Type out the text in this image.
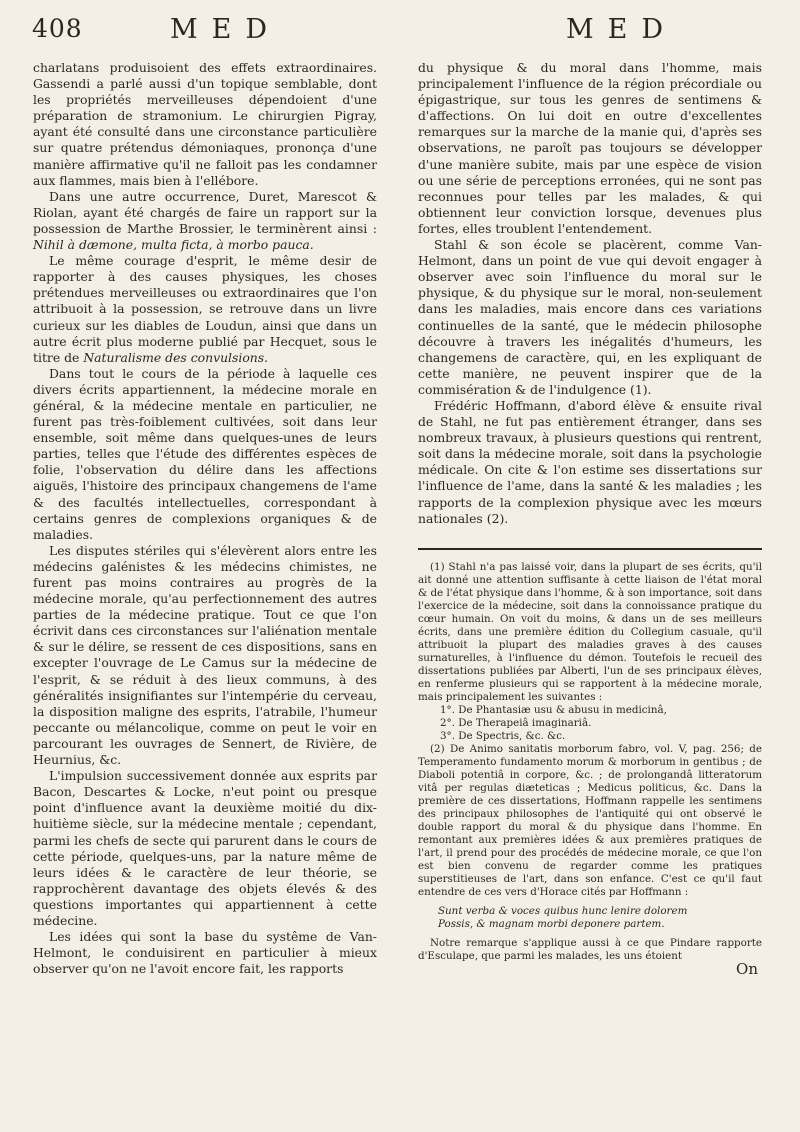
408	MED	MED

charlatans produisoient des effets extraordinaires. Gassendi a parlé aussi d'un topique semblable, dont les propriétés merveilleuses dépendoient d'une préparation de stramonium. Le chirurgien Pigray, ayant été consulté dans une circonstance particulière sur quatre prétendus démoniaques, prononça d'une manière affirmative qu'il ne falloit pas les condamner aux flammes, mais bien à l'ellébore.

Dans une autre occurrence, Duret, Marescot & Riolan, ayant été chargés de faire un rapport sur la possession de Marthe Brossier, le terminèrent ainsi : Nihil à dæmone, multa ficta, à morbo pauca.

Le même courage d'esprit, le même desir de rapporter à des causes physiques, les choses prétendues merveilleuses ou extraordinaires que l'on attribuoit à la possession, se retrouve dans un livre curieux sur les diables de Loudun, ainsi que dans un autre écrit plus moderne publié par Hecquet, sous le titre de Naturalisme des convulsions.

Dans tout le cours de la période à laquelle ces divers écrits appartiennent, la médecine morale en général, & la médecine mentale en particulier, ne furent pas très-foiblement cultivées, soit dans leur ensemble, soit même dans quelques-unes de leurs parties, telles que l'étude des différentes espèces de folie, l'observation du délire dans les affections aiguës, l'histoire des principaux changemens de l'ame & des facultés intellectuelles, correspondant à certains genres de complexions organiques & de maladies.

Les disputes stériles qui s'élevèrent alors entre les médecins galénistes & les médecins chimistes, ne furent pas moins contraires au progrès de la médecine morale, qu'au perfectionnement des autres parties de la médecine pratique. Tout ce que l'on écrivit dans ces circonstances sur l'aliénation mentale & sur le délire, se ressent de ces dispositions, sans en excepter l'ouvrage de Le Camus sur la médecine de l'esprit, & se réduit à des lieux communs, à des généralités insignifiantes sur l'intempérie du cerveau, la disposition maligne des esprits, l'atrabile, l'humeur peccante ou mélancolique, comme on peut le voir en parcourant les ouvrages de Sennert, de Rivière, de Heurnius, &c.

L'impulsion successivement donnée aux esprits par Bacon, Descartes & Locke, n'eut point ou presque point d'influence avant la deuxième moitié du dix-huitième siècle, sur la médecine mentale ; cependant, parmi les chefs de secte qui parurent dans le cours de cette période, quelques-uns, par la nature même de leurs idées & le caractère de leur théorie, se rapprochèrent davantage des objets élevés & des questions importantes qui appartiennent à cette médecine.

Les idées qui sont la base du systême de Van-Helmont, le conduisirent en particulier à mieux observer qu'on ne l'avoit encore fait, les rapports

du physique & du moral dans l'homme, mais principalement l'influence de la région précordiale ou épigastrique, sur tous les genres de sentimens & d'affections. On lui doit en outre d'excellentes remarques sur la marche de la manie qui, d'après ses observations, ne paroît pas toujours se développer d'une manière subite, mais par une espèce de vision ou une série de perceptions erronées, qui ne sont pas reconnues pour telles par les malades, & qui obtiennent leur conviction lorsque, devenues plus fortes, elles troublent l'entendement.

Stahl & son école se placèrent, comme Van-Helmont, dans un point de vue qui devoit engager à observer avec soin l'influence du moral sur le physique, & du physique sur le moral, non-seulement dans les maladies, mais encore dans ces variations continuelles de la santé, que le médecin philosophe découvre à travers les inégalités d'humeurs, les changemens de caractère, qui, en les expliquant de cette manière, ne peuvent inspirer que de la commisération & de l'indulgence (1).

Frédéric Hoffmann, d'abord élève & ensuite rival de Stahl, ne fut pas entièrement étranger, dans ses nombreux travaux, à plusieurs questions qui rentrent, soit dans la médecine morale, soit dans la psychologie médicale. On cite & l'on estime ses dissertations sur l'influence de l'ame, dans la santé & les maladies ; les rapports de la complexion physique avec les mœurs nationales (2).

(1) Stahl n'a pas laissé voir, dans la plupart de ses écrits, qu'il ait donné une attention suffisante à cette liaison de l'état moral & de l'état physique dans l'homme, & à son importance, soit dans l'exercice de la médecine, soit dans la connoissance pratique du cœur humain. On voit du moins, & dans un de ses meilleurs écrits, dans une première édition du Collegium casuale, qu'il attribuoit la plupart des maladies graves à des causes surnaturelles, à l'influence du démon. Toutefois le recueil des dissertations publiées par Alberti, l'un de ses principaux élèves, en renferme plusieurs qui se rapportent à la médecine morale, mais principalement les suivantes :

1°. De Phantasiæ usu & abusu in medicinâ,

2°. De Therapeiâ imaginariâ.

3°. De Spectris, &c. &c.

(2) De Animo sanitatis morborum fabro, vol. V, pag. 256; de Temperamento fundamento morum & morborum in gentibus ; de Diaboli potentiâ in corpore, &c. ; de prolongandâ litteratorum vitâ per regulas diæteticas ; Medicus politicus, &c. Dans la première de ces dissertations, Hoffmann rappelle les sentimens des principaux philosophes de l'antiquité qui ont observé le double rapport du moral & du physique dans l'homme. En remontant aux premières idées & aux premières pratiques de l'art, il prend pour des procédés de médecine morale, ce que l'on est bien convenu de regarder comme les pratiques superstitieuses de l'art, dans son enfance. C'est ce qu'il faut entendre de ces vers d'Horace cités par Hoffmann :

Sunt verba & voces quibus hunc lenire dolorem

Possis, & magnam morbi deponere partem.

Notre remarque s'applique aussi à ce que Pindare rapporte d'Esculape, que parmi les malades, les uns étoient

On
